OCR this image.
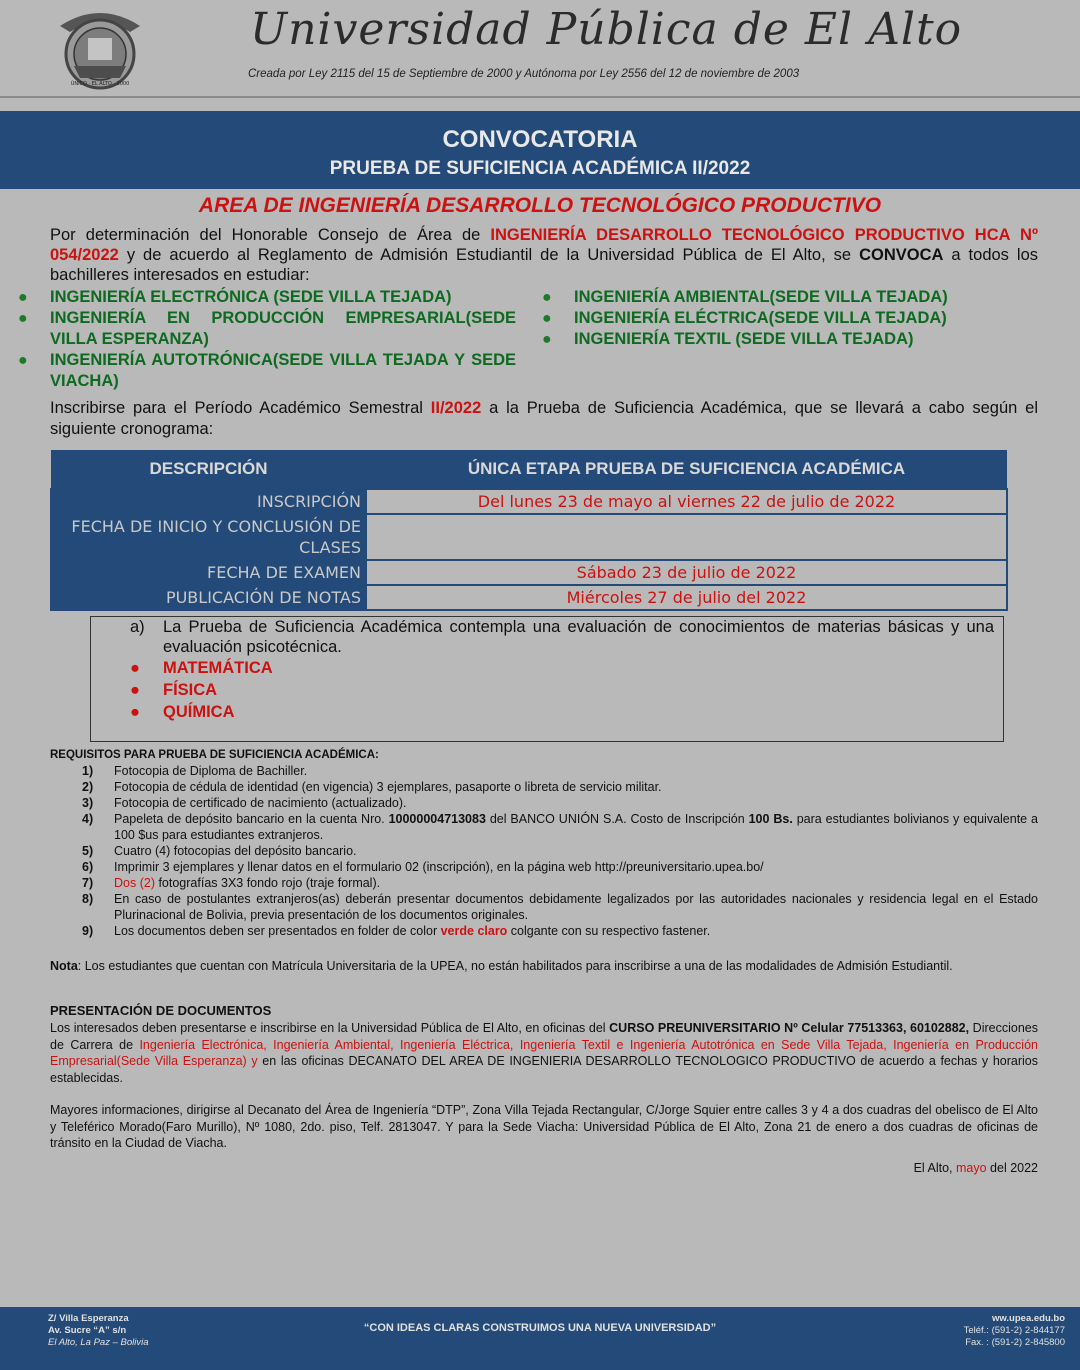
ÚNICO · EL ALTO · 2000
Universidad Pública de El Alto
Creada por Ley 2115 del 15 de Septiembre de 2000 y Autónoma por Ley 2556 del 12 de noviembre de 2003
CONVOCATORIA
PRUEBA DE SUFICIENCIA ACADÉMICA II/2022
AREA DE INGENIERÍA DESARROLLO TECNOLÓGICO PRODUCTIVO
Por determinación del Honorable Consejo de Área de INGENIERÍA DESARROLLO TECNOLÓGICO PRODUCTIVO HCA Nº 054/2022 y de acuerdo al Reglamento de Admisión Estudiantil de la Universidad Pública de El Alto, se CONVOCA a todos los bachilleres interesados en estudiar:
● INGENIERÍA ELECTRÓNICA (SEDE VILLA TEJADA)
● INGENIERÍA EN PRODUCCIÓN EMPRESARIAL(SEDE VILLA ESPERANZA)
● INGENIERÍA AUTOTRÓNICA(SEDE VILLA TEJADA Y SEDE VIACHA)
● INGENIERÍA AMBIENTAL(SEDE VILLA TEJADA)
● INGENIERÍA ELÉCTRICA(SEDE VILLA TEJADA)
● INGENIERÍA TEXTIL (SEDE VILLA TEJADA)
Inscribirse para el Período Académico Semestral II/2022 a la Prueba de Suficiencia Académica, que se llevará a cabo según el siguiente cronograma:
DESCRIPCIÓN	ÚNICA ETAPA PRUEBA DE SUFICIENCIA ACADÉMICA
INSCRIPCIÓN	Del lunes 23 de mayo al viernes 22 de julio de 2022
FECHA DE INICIO Y CONCLUSIÓN DE CLASES	
FECHA DE EXAMEN	Sábado 23 de julio de 2022
PUBLICACIÓN DE NOTAS	Miércoles 27 de julio del 2022
a)	La Prueba de Suficiencia Académica contempla una evaluación de conocimientos de materias básicas y una evaluación psicotécnica.
● MATEMÁTICA
● FÍSICA
● QUÍMICA
REQUISITOS PARA PRUEBA DE SUFICIENCIA ACADÉMICA:
1)	Fotocopia de Diploma de Bachiller.
2)	Fotocopia de cédula de identidad (en vigencia) 3 ejemplares, pasaporte o libreta de servicio militar.
3)	Fotocopia de certificado de nacimiento (actualizado).
4)	Papeleta de depósito bancario en la cuenta Nro. 10000004713083 del BANCO UNIÓN S.A. Costo de Inscripción 100 Bs. para estudiantes bolivianos y equivalente a 100 $us para estudiantes extranjeros.
5)	Cuatro (4) fotocopias del depósito bancario.
6)	Imprimir 3 ejemplares y llenar datos en el formulario 02 (inscripción), en la página web http://preuniversitario.upea.bo/
7)	Dos (2) fotografías 3X3 fondo rojo (traje formal).
8)	En caso de postulantes extranjeros(as) deberán presentar documentos debidamente legalizados por las autoridades nacionales y residencia legal en el Estado Plurinacional de Bolivia, previa presentación de los documentos originales.
9)	Los documentos deben ser presentados en folder de color verde claro colgante con su respectivo fastener.
Nota: Los estudiantes que cuentan con Matrícula Universitaria de la UPEA, no están habilitados para inscribirse a una de las modalidades de Admisión Estudiantil.
PRESENTACIÓN DE DOCUMENTOS
Los interesados deben presentarse e inscribirse en la Universidad Pública de El Alto, en oficinas del CURSO PREUNIVERSITARIO Nº Celular 77513363, 60102882, Direcciones de Carrera de Ingeniería Electrónica, Ingeniería Ambiental, Ingeniería Eléctrica, Ingeniería Textil e Ingeniería Autotrónica en Sede Villa Tejada, Ingeniería en Producción Empresarial(Sede Villa Esperanza) y en las oficinas DECANATO DEL AREA DE INGENIERIA DESARROLLO TECNOLOGICO PRODUCTIVO de acuerdo a fechas y horarios establecidas.
Mayores informaciones, dirigirse al Decanato del Área de Ingeniería “DTP”, Zona Villa Tejada Rectangular, C/Jorge Squier entre calles 3 y 4 a dos cuadras del obelisco de El Alto y Teleférico Morado(Faro Murillo), Nº 1080, 2do. piso, Telf. 2813047. Y para la Sede Viacha: Universidad Pública de El Alto, Zona 21 de enero a dos cuadras de oficinas de tránsito en la Ciudad de Viacha.
El Alto, mayo del 2022
Z/ Villa Esperanza
Av. Sucre “A” s/n
El Alto, La Paz – Bolivia
“CON IDEAS CLARAS CONSTRUIMOS UNA NUEVA UNIVERSIDAD”
ww.upea.edu.bo
Teléf.: (591-2) 2-844177
Fax. : (591-2) 2-845800
